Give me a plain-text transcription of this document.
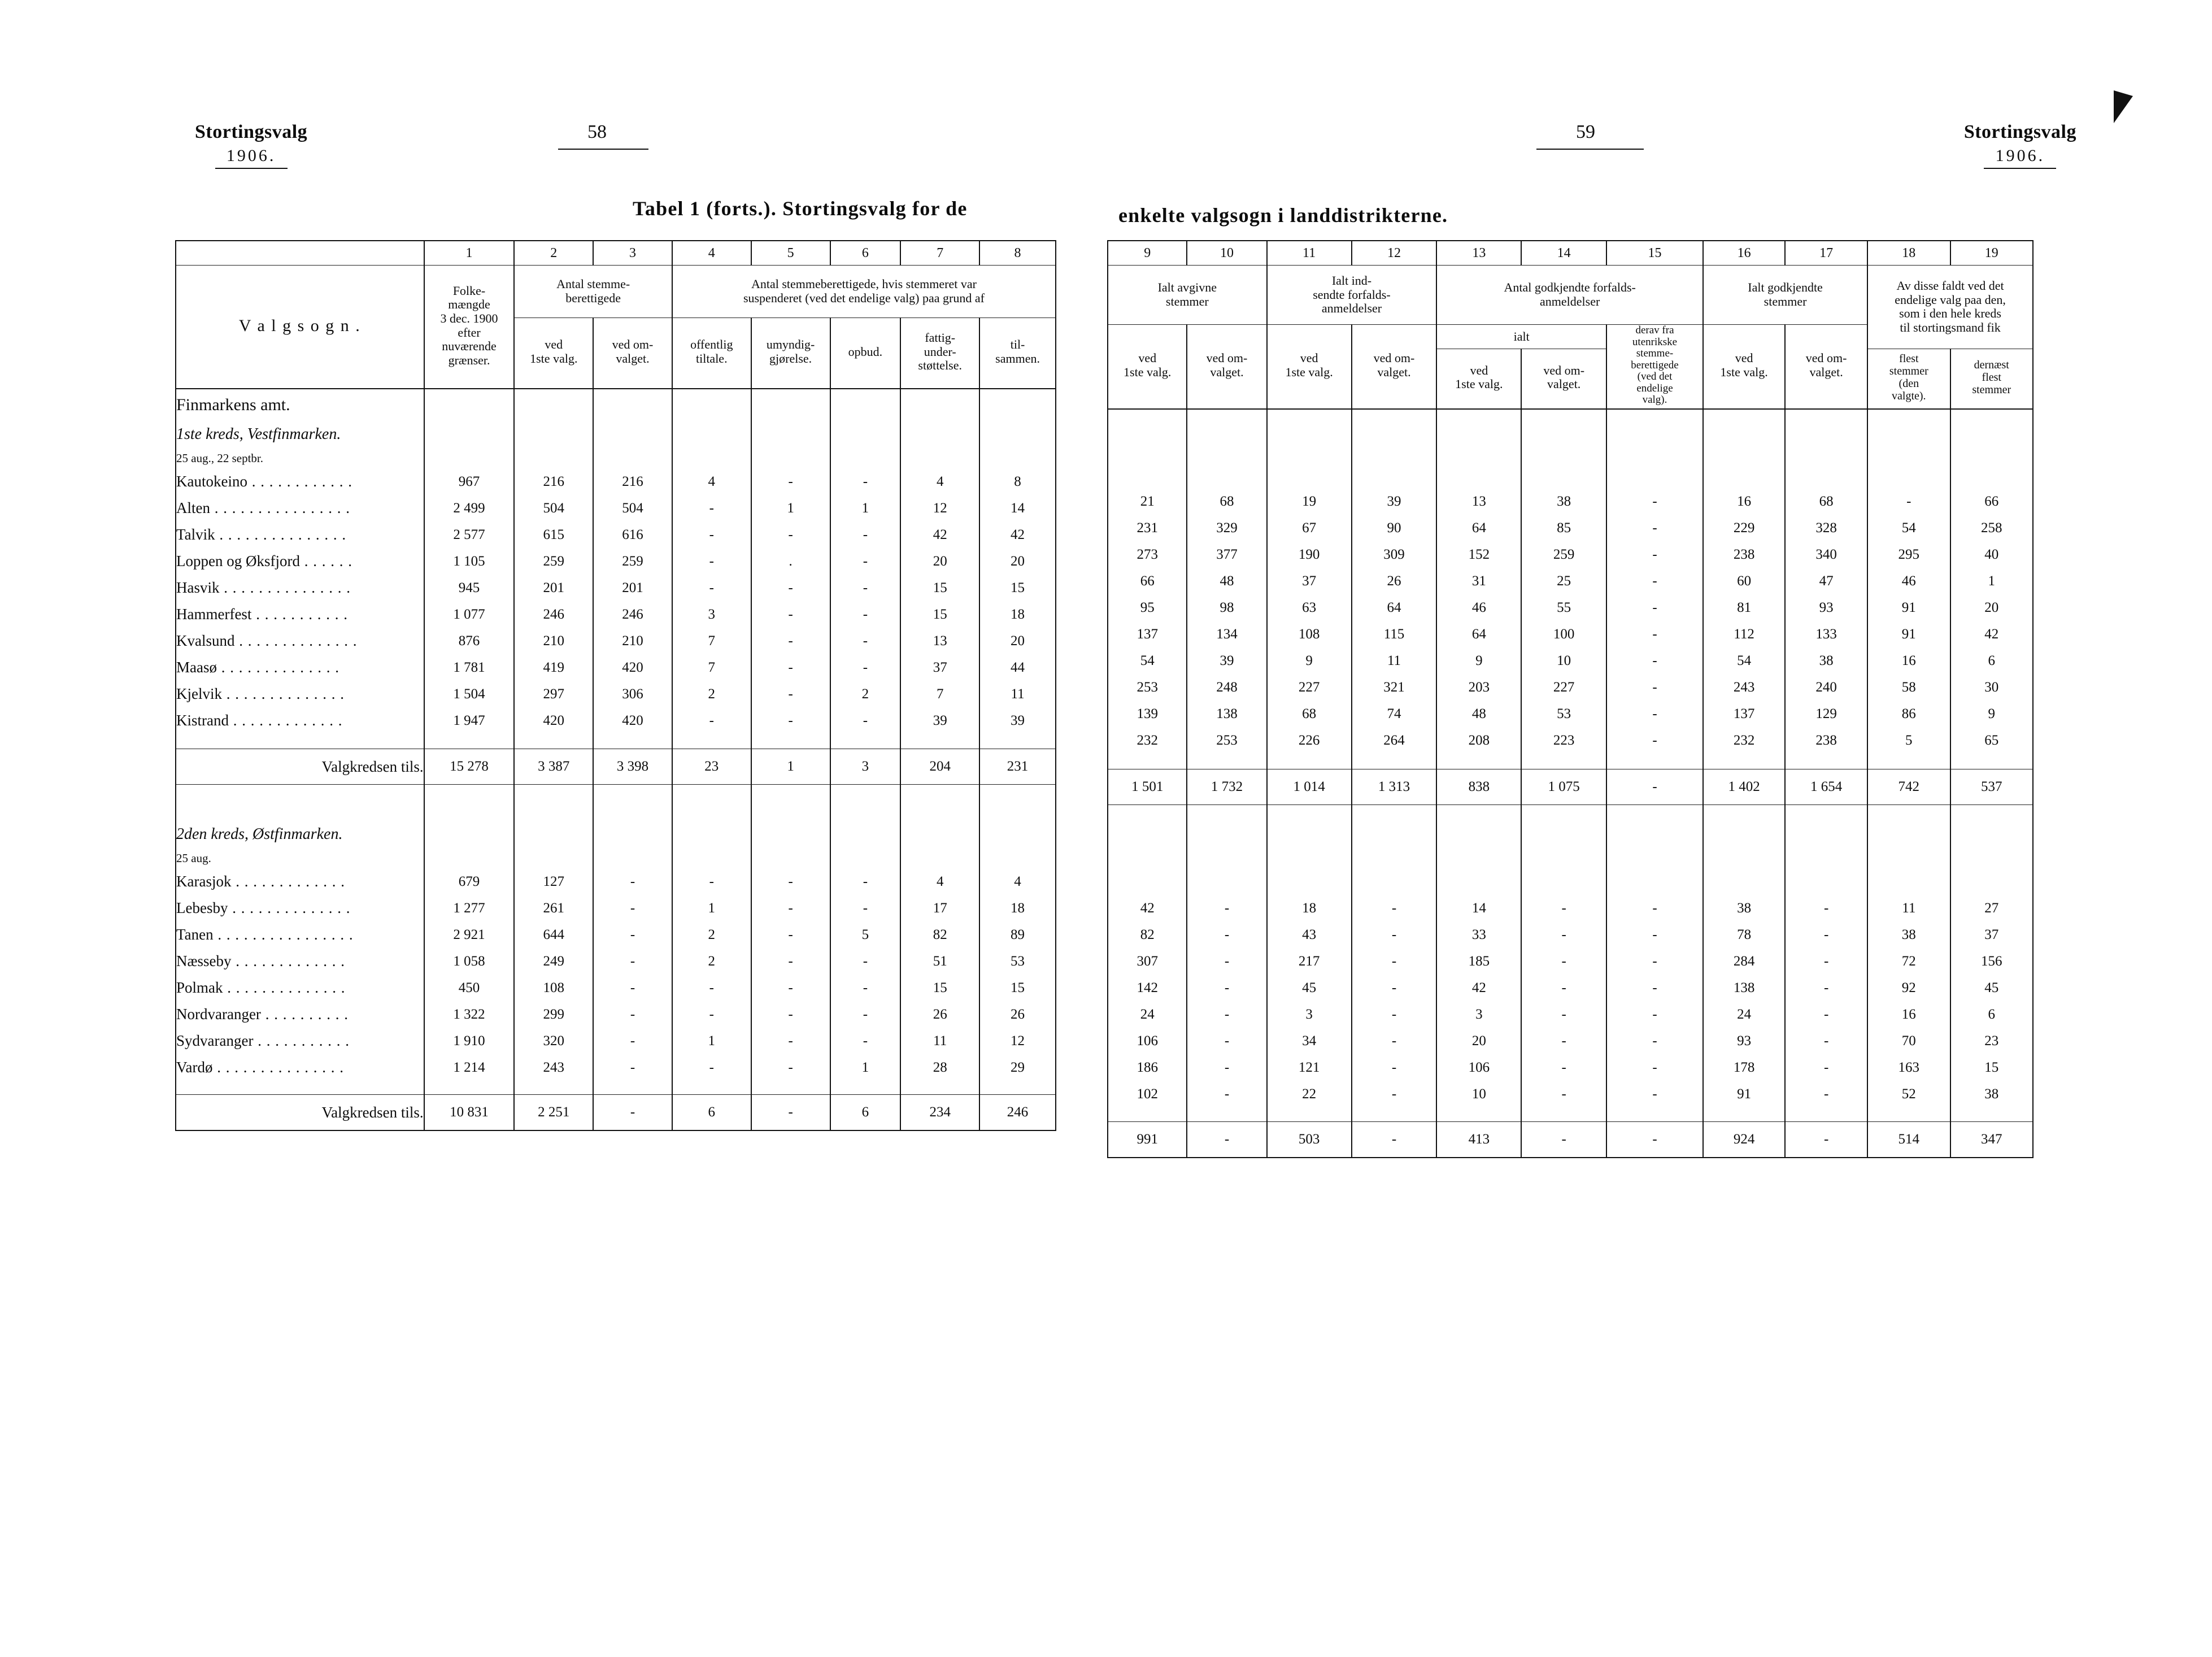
Stortingsvalg
1906.
58	59	Stortingsvalg
1906.
Tabel 1 (forts.). Stortingsvalg for de	enkelte valgsogn i landdistrikterne.
	1	2	3	4	5	6	7	8
V a l g s o g n .	
Folke-
mængde
3 dec. 1900
efter
nuværende
grænser.

Antal stemme-
berettigede

Antal stemmeberettigede, hvis stemmeret var
suspenderet (ved det endelige valg) paa grund af

ved
1ste valg.

ved om-
valget.

offentlig
tiltale.

umyndig-
gjørelse.	opbud.

fattig-
under-
støttelse.

til-
sammen.

Finmarkens amt.								
1ste kreds, Vestfinmarken.								
25 aug., 22 septbr.								
Kautokeino . . . . . . . . . . . .	967	216	216	4	-	-	4	8
Alten . . . . . . . . . . . . . . . .	2 499	504	504	-	1	1	12	14
Talvik . . . . . . . . . . . . . . .	2 577	615	616	-	-	-	42	42
Loppen og Øksfjord . . . . . .	1 105	259	259	-	.	-	20	20
Hasvik . . . . . . . . . . . . . . .	945	201	201	-	-	-	15	15
Hammerfest . . . . . . . . . . .	1 077	246	246	3	-	-	15	18
Kvalsund . . . . . . . . . . . . . .	876	210	210	7	-	-	13	20
Maasø . . . . . . . . . . . . . .	1 781	419	420	7	-	-	37	44
Kjelvik . . . . . . . . . . . . . .	1 504	297	306	2	-	2	7	11
Kistrand . . . . . . . . . . . . .	1 947	420	420	-	-	-	39	39

Valgkredsen tils.	15 278	3 387	3 398	23	1	3	204	231

2den kreds, Østfinmarken.								
25 aug.								
Karasjok . . . . . . . . . . . . .	679	127	-	-	-	-	4	4
Lebesby . . . . . . . . . . . . . .	1 277	261	-	1	-	-	17	18
Tanen . . . . . . . . . . . . . . . .	2 921	644	-	2	-	5	82	89
Næsseby . . . . . . . . . . . . .	1 058	249	-	2	-	-	51	53
Polmak . . . . . . . . . . . . . .	450	108	-	-	-	-	15	15
Nordvaranger . . . . . . . . . .	1 322	299	-	-	-	-	26	26
Sydvaranger . . . . . . . . . . .	1 910	320	-	1	-	-	11	12
Vardø . . . . . . . . . . . . . . .	1 214	243	-	-	-	1	28	29

Valgkredsen tils.	10 831	2 251	-	6	-	6	234	246
9	10	11	12	13	14	15	16	17	18	19

Ialt avgivne
stemmer

Ialt ind-
sendte forfalds-
anmeldelser

Antal godkjendte forfalds-
anmeldelser

Ialt godkjendte
stemmer

Av disse faldt ved det
endelige valg paa den,
som i den hele kreds
til stortingsmand fik

ved
1ste valg.

ved om-
valget.

ved
1ste valg.

ved om-
valget.
	ialt	derav fra
utenrikske
stemme-
berettigede
(ved det
endelige
valg).

ved
1ste valg.

ved om-
valget.

ved
1ste valg.

ved om-
valget.

flest
stemmer
(den
valgte).

dernæst
flest
stemmer

21	68	19	39	13	38	-	16	68	-	66
231	329	67	90	64	85	-	229	328	54	258
273	377	190	309	152	259	-	238	340	295	40
66	48	37	26	31	25	-	60	47	46	1
95	98	63	64	46	55	-	81	93	91	20
137	134	108	115	64	100	-	112	133	91	42
54	39	9	11	9	10	-	54	38	16	6
253	248	227	321	203	227	-	243	240	58	30
139	138	68	74	48	53	-	137	129	86	9
232	253	226	264	208	223	-	232	238	5	65

1 501	1 732	1 014	1 313	838	1 075	-	1 402	1 654	742	537

42	-	18	-	14	-	-	38	-	11	27
82	-	43	-	33	-	-	78	-	38	37
307	-	217	-	185	-	-	284	-	72	156
142	-	45	-	42	-	-	138	-	92	45
24	-	3	-	3	-	-	24	-	16	6
106	-	34	-	20	-	-	93	-	70	23
186	-	121	-	106	-	-	178	-	163	15
102	-	22	-	10	-	-	91	-	52	38

991	-	503	-	413	-	-	924	-	514	347
